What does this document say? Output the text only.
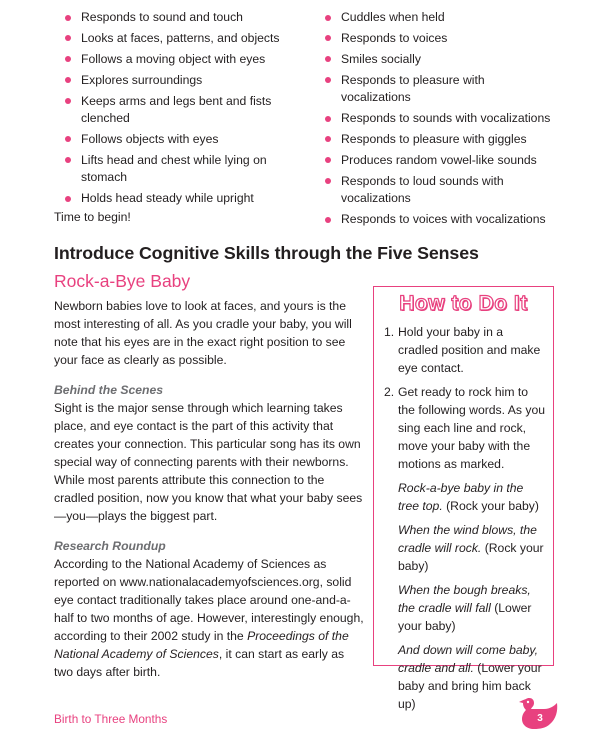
Responds to sound and touch
Looks at faces, patterns, and objects
Follows a moving object with eyes
Explores surroundings
Keeps arms and legs bent and fists clenched
Follows objects with eyes
Lifts head and chest while lying on stomach
Holds head steady while upright
Cuddles when held
Responds to voices
Smiles socially
Responds to pleasure with vocalizations
Responds to sounds with vocalizations
Responds to pleasure with giggles
Produces random vowel-like sounds
Responds to loud sounds with vocalizations
Responds to voices with vocalizations
Time to begin!
Introduce Cognitive Skills through the Five Senses
Rock-a-Bye Baby

Newborn babies love to look at faces, and yours is the most interesting of all. As you cradle your baby, you will note that his eyes are in the exact right position to see your face as clearly as possible.

Behind the Scenes

Sight is the major sense through which learning takes place, and eye contact is the part of this activity that creates your connection. This particular song has its own special way of connecting parents with their newborns. While most parents attribute this connection to the cradled position, now you know that what your baby sees—you—plays the biggest part.

Research Roundup

According to the National Academy of Sciences as reported on www.nationalacademyofsciences.org, solid eye contact traditionally takes place around one-and-a-half to two months of age. However, interestingly enough, according to their 2002 study in the Proceedings of the National Academy of Sciences, it can start as early as two days after birth.

How to Do It
1. Hold your baby in a cradled position and make eye contact.
2. Get ready to rock him to the following words. As you sing each line and rock, move your baby with the motions as marked.
Rock-a-bye baby in the tree top. (Rock your baby)
When the wind blows, the cradle will rock. (Rock your baby)
When the bough breaks, the cradle will fall (Lower your baby)
And down will come baby, cradle and all. (Lower your baby and bring him back up)
Birth to Three Months	3
